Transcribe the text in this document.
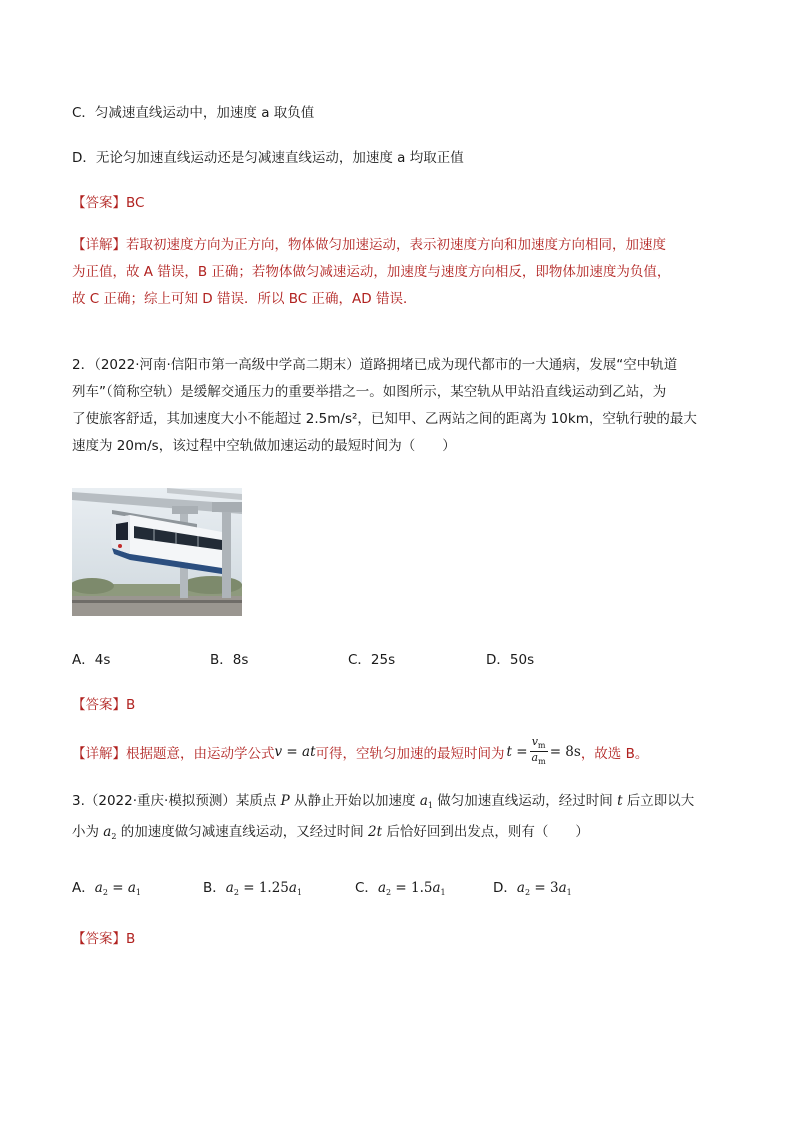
C．匀减速直线运动中，加速度 a 取负值
D．无论匀加速直线运动还是匀减速直线运动，加速度 a 均取正值
【答案】BC
【详解】若取初速度方向为正方向，物体做匀加速运动，表示初速度方向和加速度方向相同，加速度
为正值，故 A 错误，B 正确；若物体做匀减速运动，加速度与速度方向相反，即物体加速度为负值，
故 C 正确；综上可知 D 错误．所以 BC 正确，AD 错误．
2．（2022·河南·信阳市第一高级中学高二期末）道路拥堵已成为现代都市的一大通病，发展“空中轨道
列车”（简称空轨）是缓解交通压力的重要举措之一。如图所示，某空轨从甲站沿直线运动到乙站，为
了使旅客舒适，其加速度大小不能超过 2.5m/s²，已知甲、乙两站之间的距离为 10km，空轨行驶的最大
速度为 20m/s，该过程中空轨做加速运动的最短时间为（　　）
A．4s	B．8s	C．25s	D．50s
【答案】B
【详解】根据题意，由运动学公式 v = at 可得，空轨匀加速的最短时间为 $t = \frac{v_m}{a_m} = 8s$ ，故选 B。
3.（2022·重庆·模拟预测）某质点 P 从静止开始以加速度 $a_1$ 做匀加速直线运动，经过时间 t 后立即以大
小为 $a_2$ 的加速度做匀减速直线运动，又经过时间 2t 后恰好回到出发点，则有（　　）
A．$a_2 = a_1$	B．$a_2 = 1.25a_1$	C．$a_2 = 1.5a_1$	D．$a_2 = 3a_1$
【答案】B
